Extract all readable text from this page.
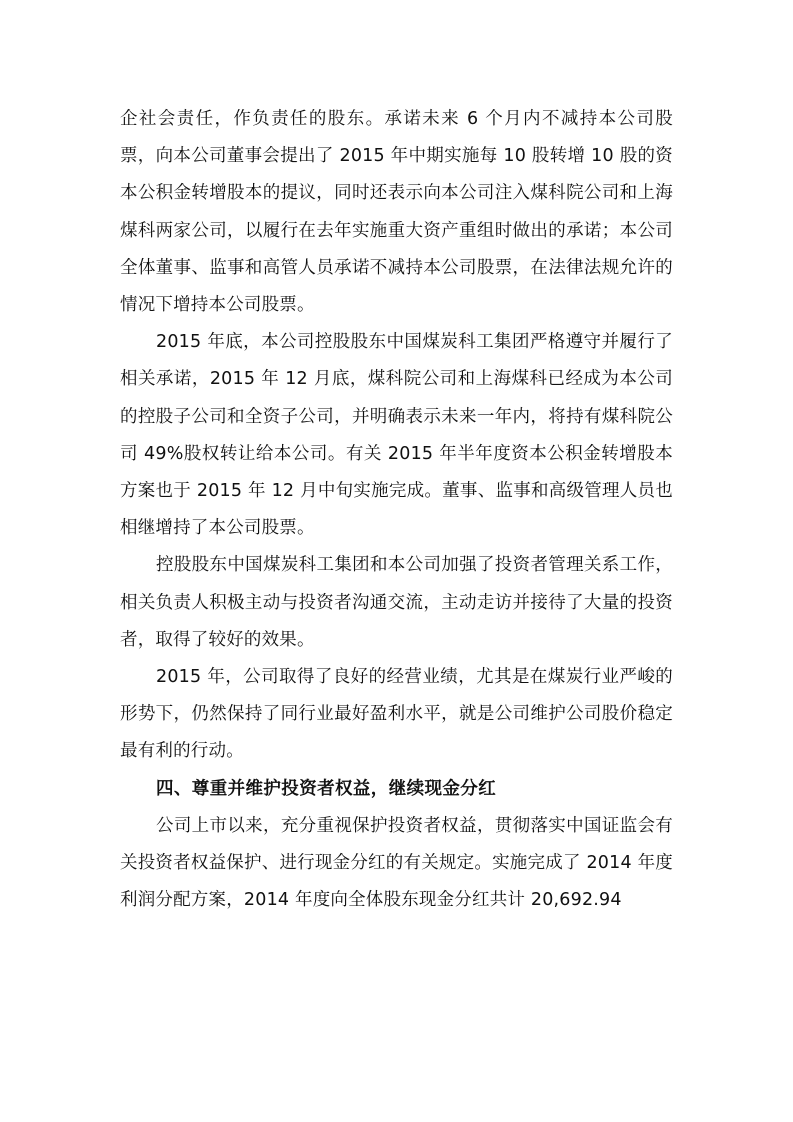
企社会责任，作负责任的股东。承诺未来 6 个月内不减持本公司股票，向本公司董事会提出了 2015 年中期实施每 10 股转增 10 股的资本公积金转增股本的提议，同时还表示向本公司注入煤科院公司和上海煤科两家公司，以履行在去年实施重大资产重组时做出的承诺；本公司全体董事、监事和高管人员承诺不减持本公司股票，在法律法规允许的情况下增持本公司股票。

2015 年底，本公司控股股东中国煤炭科工集团严格遵守并履行了相关承诺，2015 年 12 月底，煤科院公司和上海煤科已经成为本公司的控股子公司和全资子公司，并明确表示未来一年内，将持有煤科院公司 49%股权转让给本公司。有关 2015 年半年度资本公积金转增股本方案也于 2015 年 12 月中旬实施完成。董事、监事和高级管理人员也相继增持了本公司股票。

控股股东中国煤炭科工集团和本公司加强了投资者管理关系工作，相关负责人积极主动与投资者沟通交流，主动走访并接待了大量的投资者，取得了较好的效果。

2015 年，公司取得了良好的经营业绩，尤其是在煤炭行业严峻的形势下，仍然保持了同行业最好盈利水平，就是公司维护公司股价稳定最有利的行动。

四、尊重并维护投资者权益，继续现金分红

公司上市以来，充分重视保护投资者权益，贯彻落实中国证监会有关投资者权益保护、进行现金分红的有关规定。实施完成了 2014 年度利润分配方案，2014 年度向全体股东现金分红共计 20,692.94
